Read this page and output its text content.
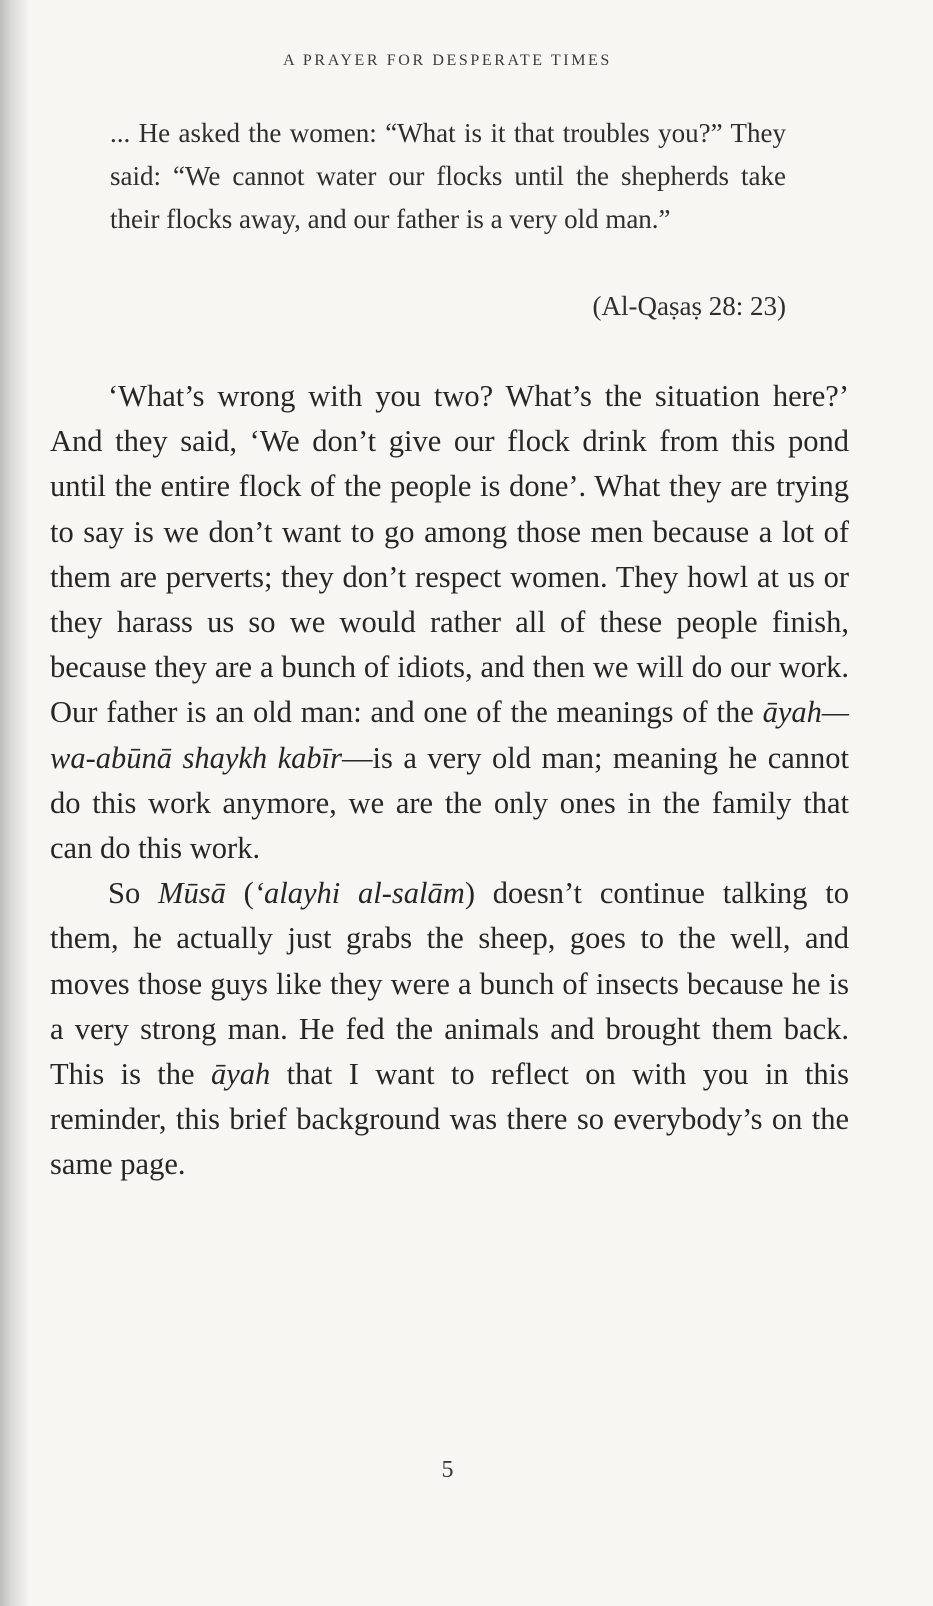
A PRAYER FOR DESPERATE TIMES

... He asked the women: “What is it that troubles you?” They said: “We cannot water our flocks until the shepherds take their flocks away, and our father is a very old man.”

(Al-Qaṣaṣ 28: 23)

‘What’s wrong with you two? What’s the situation here?’ And they said, ‘We don’t give our flock drink from this pond until the entire flock of the people is done’. What they are trying to say is we don’t want to go among those men because a lot of them are perverts; they don’t respect women. They howl at us or they harass us so we would rather all of these people finish, because they are a bunch of idiots, and then we will do our work. Our father is an old man: and one of the meanings of the āyah—wa-abūnā shaykh kabīr—is a very old man; meaning he cannot do this work anymore, we are the only ones in the family that can do this work.

So Mūsā (‘alayhi al-salām) doesn’t continue talking to them, he actually just grabs the sheep, goes to the well, and moves those guys like they were a bunch of insects because he is a very strong man. He fed the animals and brought them back. This is the āyah that I want to reflect on with you in this reminder, this brief background was there so everybody’s on the same page.

5
